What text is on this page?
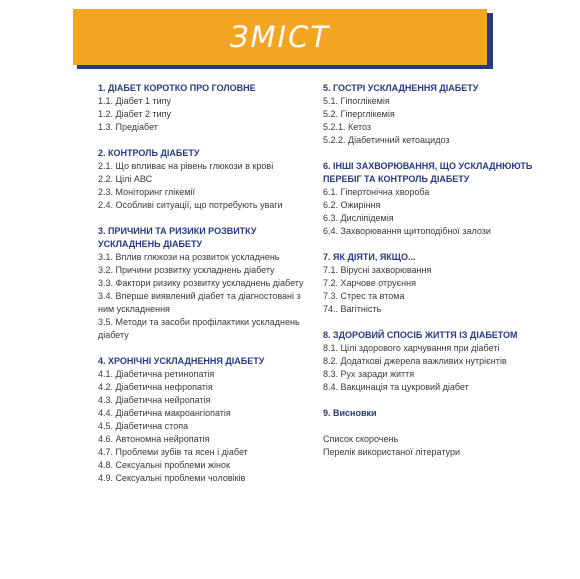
ЗМІСТ
1. ДІАБЕТ КОРОТКО ПРО ГОЛОВНЕ
1.1. Діабет 1 типу
1.2. Діабет 2 типу
1.3. Предіабет
2. КОНТРОЛЬ ДІАБЕТУ
2.1. Що впливає на рівень глюкози в крові
2.2. Цілі АВС
2.3. Моніторинг глікемії
2.4. Особливі ситуації, що потребують уваги
3. ПРИЧИНИ ТА РИЗИКИ РОЗВИТКУ УСКЛАДНЕНЬ ДІАБЕТУ
3.1. Вплив глюкози на розвиток ускладнень
3.2. Причини розвитку ускладнень діабету
3.3. Фактори ризику розвитку ускладнень діабету
3.4. Вперше виявлений діабет та діагностовані з ним ускладнення
3.5. Методи та засоби профілактики ускладнень діабету
4. ХРОНІЧНІ УСКЛАДНЕННЯ ДІАБЕТУ
4.1. Діабетична ретинопатія
4.2. Діабетична нефропатія
4.3. Діабетична нейропатія
4.4. Діабетична макроангіопатія
4.5. Діабетична стопа
4.6. Автономна нейропатія
4.7. Проблеми зубів та ясен і діабет
4.8. Сексуальні проблеми жінок
4.9. Сексуальні проблеми чоловіків
5. ГОСТРІ УСКЛАДНЕННЯ ДІАБЕТУ
5.1. Гіпоглікемія
5.2. Гіперглікемія
5.2.1. Кетоз
5.2.2. Діабетичний кетоацидоз
6. ІНШІ ЗАХВОРЮВАННЯ, ЩО УСКЛАДНЮЮТЬ ПЕРЕБІГ ТА КОНТРОЛЬ ДІАБЕТУ
6.1. Гіпертонічна хвороба
6.2. Ожиріння
6.3. Дисліпідемія
6.4. Захворювання щитоподібної залози
7. ЯК ДІЯТИ, ЯКЩО...
7.1. Вірусні захворювання
7.2. Харчове отруєння
7.3. Стрес та втома
74.. Вагітність
8. ЗДОРОВИЙ СПОСІБ ЖИТТЯ ІЗ ДІАБЕТОМ
8.1. Цілі здорового харчування при діабеті
8.2. Додаткові джерела важливих нутрієнтів
8.3. Рух заради життя
8.4. Вакцинація та цукровий діабет
9. Висновки
Список скорочень
Перелік використаної літератури
